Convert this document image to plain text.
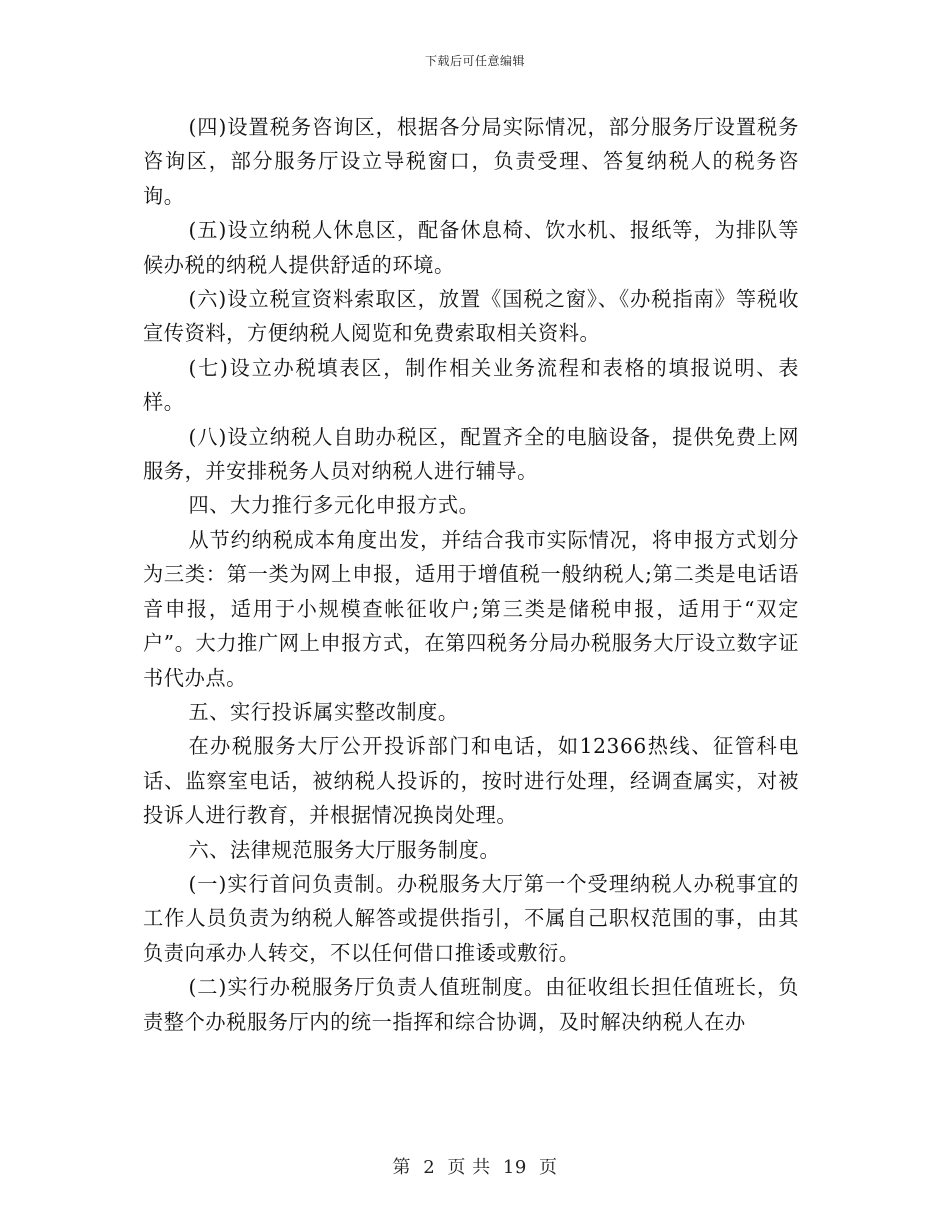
下载后可任意编辑

(四)设置税务咨询区，根据各分局实际情况，部分服务厅设置税务咨询区，部分服务厅设立导税窗口，负责受理、答复纳税人的税务咨询。

(五)设立纳税人休息区，配备休息椅、饮水机、报纸等，为排队等候办税的纳税人提供舒适的环境。

(六)设立税宣资料索取区，放置《国税之窗》、《办税指南》等税收宣传资料，方便纳税人阅览和免费索取相关资料。

(七)设立办税填表区，制作相关业务流程和表格的填报说明、表样。

(八)设立纳税人自助办税区，配置齐全的电脑设备，提供免费上网服务，并安排税务人员对纳税人进行辅导。

四、大力推行多元化申报方式。

从节约纳税成本角度出发，并结合我市实际情况，将申报方式划分为三类：第一类为网上申报，适用于增值税一般纳税人;第二类是电话语音申报，适用于小规模查帐征收户;第三类是储税申报，适用于“双定户”。大力推广网上申报方式，在第四税务分局办税服务大厅设立数字证书代办点。

五、实行投诉属实整改制度。

在办税服务大厅公开投诉部门和电话，如12366热线、征管科电话、监察室电话，被纳税人投诉的，按时进行处理，经调查属实，对被投诉人进行教育，并根据情况换岗处理。

六、法律规范服务大厅服务制度。

(一)实行首问负责制。办税服务大厅第一个受理纳税人办税事宜的工作人员负责为纳税人解答或提供指引，不属自己职权范围的事，由其负责向承办人转交，不以任何借口推诿或敷衍。

(二)实行办税服务厅负责人值班制度。由征收组长担任值班长，负责整个办税服务厅内的统一指挥和综合协调，及时解决纳税人在办

第 2 页 共 19 页
